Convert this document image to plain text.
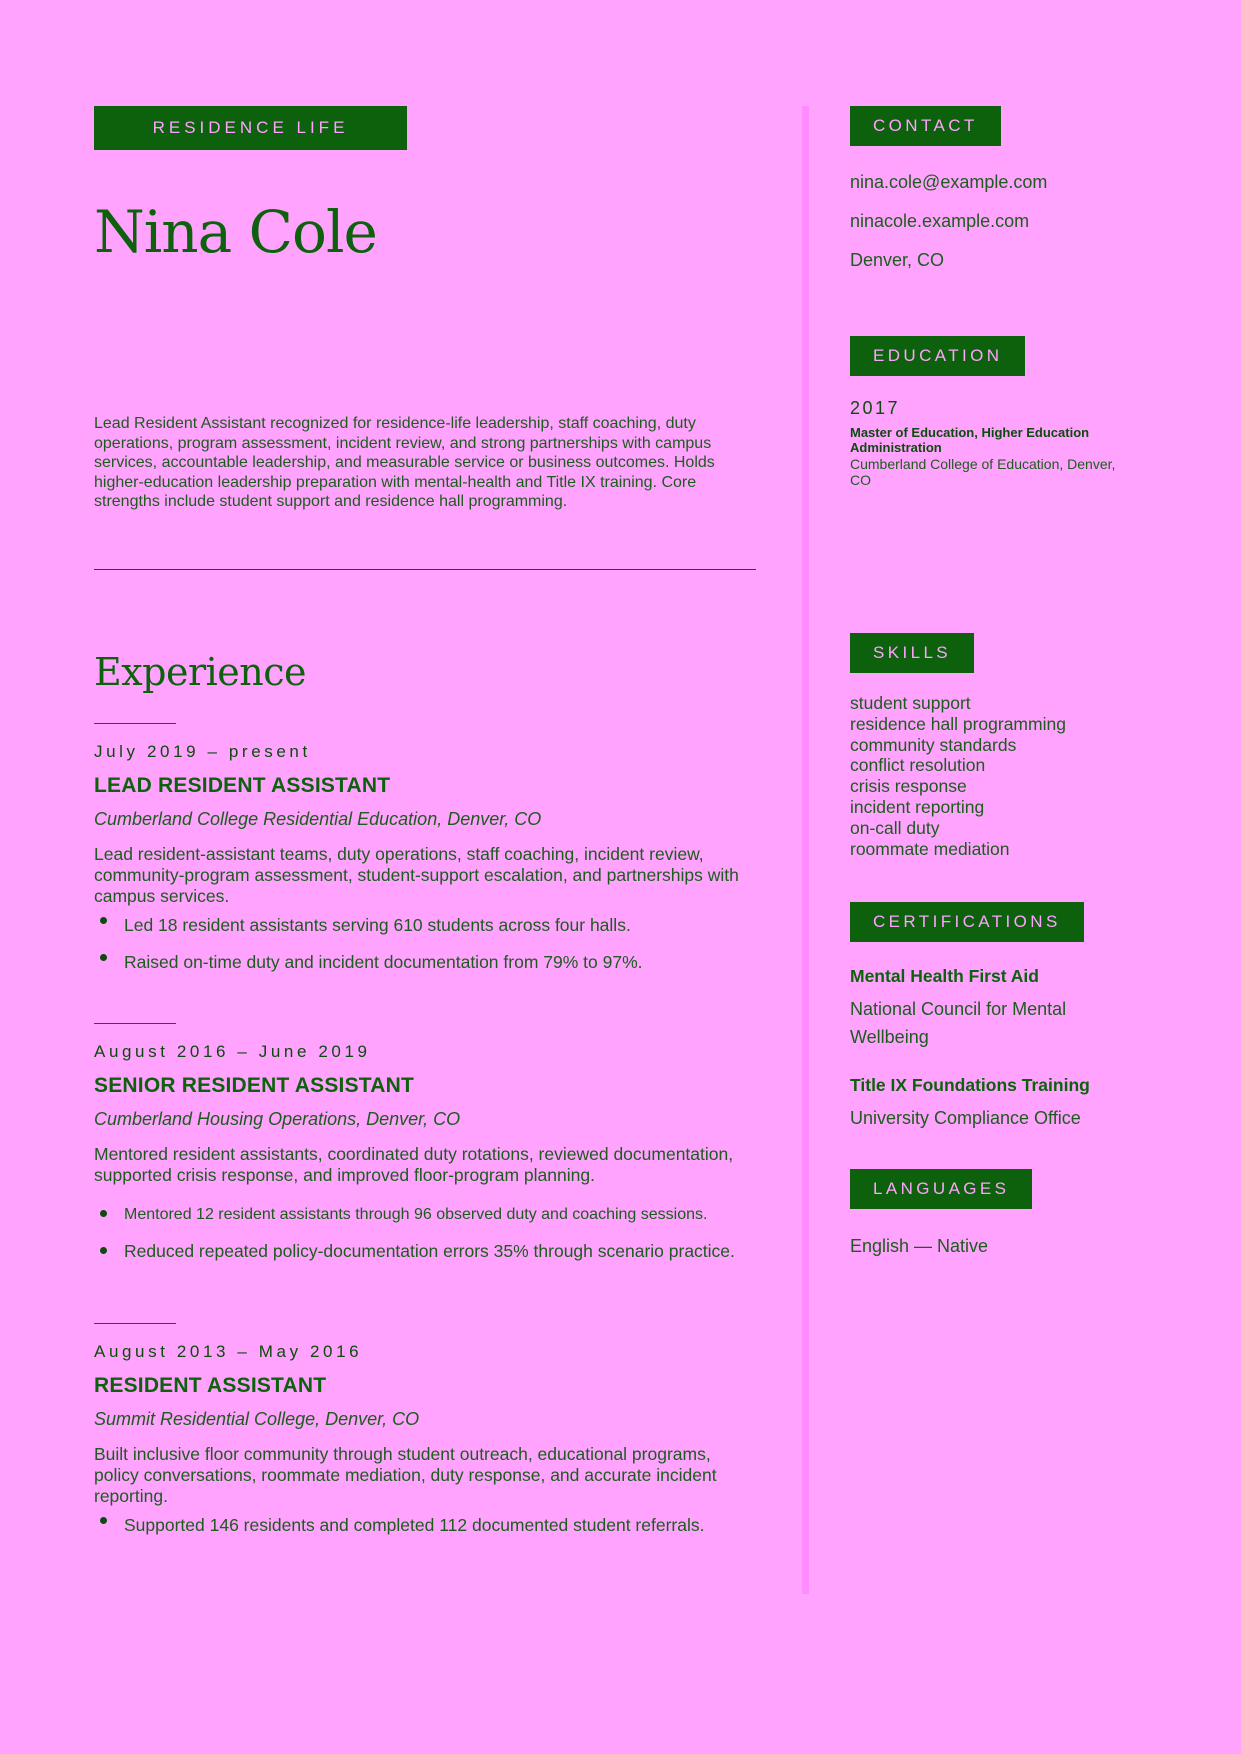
RESIDENCE LIFE
Nina Cole

Lead Resident Assistant recognized for residence-life leadership, staff coaching, duty operations, program assessment, incident review, and strong partnerships with campus services, accountable leadership, and measurable service or business outcomes. Holds higher-education leadership preparation with mental-health and Title IX training. Core strengths include student support and residence hall programming.

Experience
July 2019 – present
LEAD RESIDENT ASSISTANT
Cumberland College Residential Education, Denver, CO
Lead resident-assistant teams, duty operations, staff coaching, incident review, community-program assessment, student-support escalation, and partnerships with campus services.
Led 18 resident assistants serving 610 students across four halls.
Raised on-time duty and incident documentation from 79% to 97%.
August 2016 – June 2019
SENIOR RESIDENT ASSISTANT
Cumberland Housing Operations, Denver, CO
Mentored resident assistants, coordinated duty rotations, reviewed documentation, supported crisis response, and improved floor-program planning.
Mentored 12 resident assistants through 96 observed duty and coaching sessions.
Reduced repeated policy-documentation errors 35% through scenario practice.
August 2013 – May 2016
RESIDENT ASSISTANT
Summit Residential College, Denver, CO
Built inclusive floor community through student outreach, educational programs, policy conversations, roommate mediation, duty response, and accurate incident reporting.
Supported 146 residents and completed 112 documented student referrals.
CONTACT
nina.cole@example.com
ninacole.example.com
Denver, CO
EDUCATION
2017
Master of Education, Higher Education Administration
Cumberland College of Education, Denver, CO
SKILLS
student support
residence hall programming
community standards
conflict resolution
crisis response
incident reporting
on-call duty
roommate mediation
CERTIFICATIONS
Mental Health First Aid
National Council for Mental Wellbeing
Title IX Foundations Training
University Compliance Office
LANGUAGES
English — Native
